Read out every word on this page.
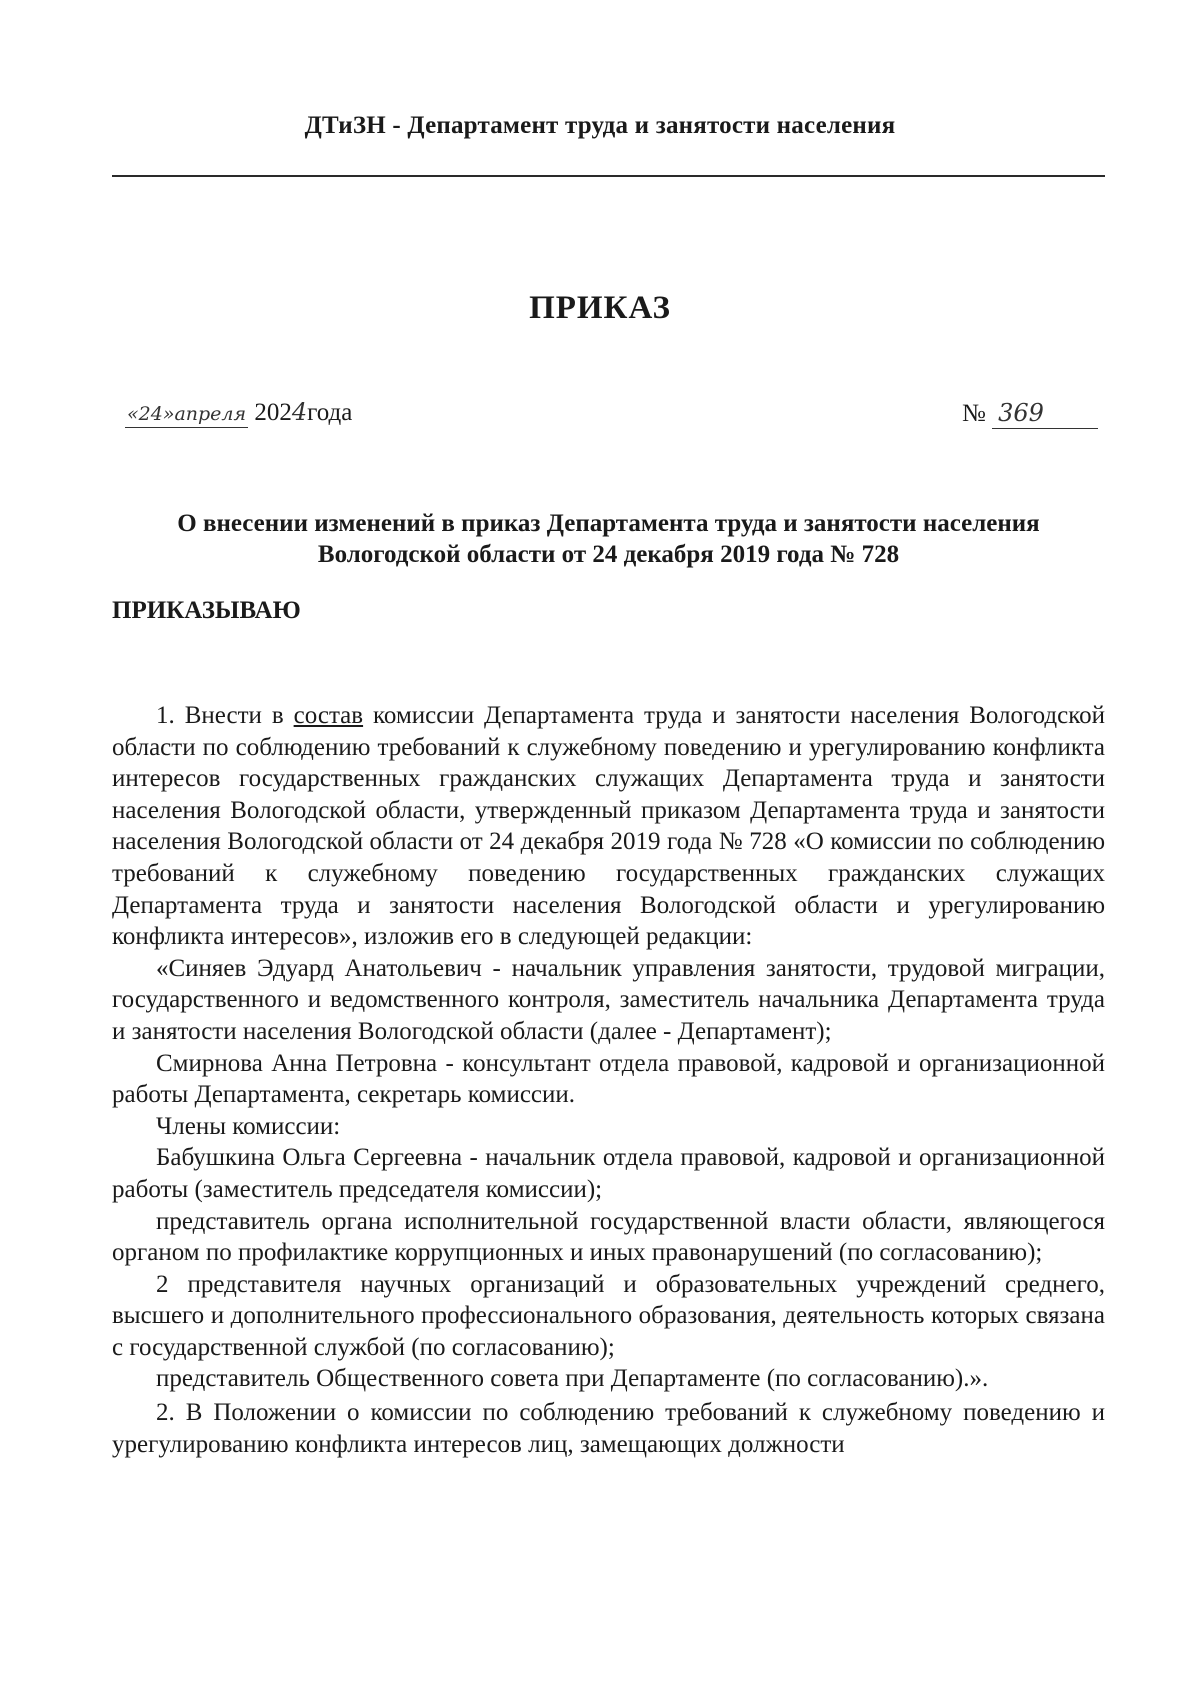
ДТиЗН - Департамент труда и занятости населения
ПРИКАЗ
«24»апреля 2024года	№ 369
О внесении изменений в приказ Департамента труда и занятости населения
Вологодской области от 24 декабря 2019 года № 728
ПРИКАЗЫВАЮ

1. Внести в состав комиссии Департамента труда и занятости населения Вологодской области по соблюдению требований к служебному поведению и урегулированию конфликта интересов государственных гражданских служащих Департамента труда и занятости населения Вологодской области, утвержденный приказом Департамента труда и занятости населения Вологодской области от 24 декабря 2019 года № 728 «О комиссии по соблюдению требований к служебному поведению государственных гражданских служащих Департамента труда и занятости населения Вологодской области и урегулированию конфликта интересов», изложив его в следующей редакции:

«Синяев Эдуард Анатольевич - начальник управления занятости, трудовой миграции, государственного и ведомственного контроля, заместитель начальника Департамента труда и занятости населения Вологодской области (далее - Департамент);

Смирнова Анна Петровна - консультант отдела правовой, кадровой и организационной работы Департамента, секретарь комиссии.

Члены комиссии:

Бабушкина Ольга Сергеевна - начальник отдела правовой, кадровой и организационной работы (заместитель председателя комиссии);

представитель органа исполнительной государственной власти области, являющегося органом по профилактике коррупционных и иных правонарушений (по согласованию);

2 представителя научных организаций и образовательных учреждений среднего, высшего и дополнительного профессионального образования, деятельность которых связана с государственной службой (по согласованию);

представитель Общественного совета при Департаменте (по согласованию).».

2. В Положении о комиссии по соблюдению требований к служебному поведению и урегулированию конфликта интересов лиц, замещающих должности
